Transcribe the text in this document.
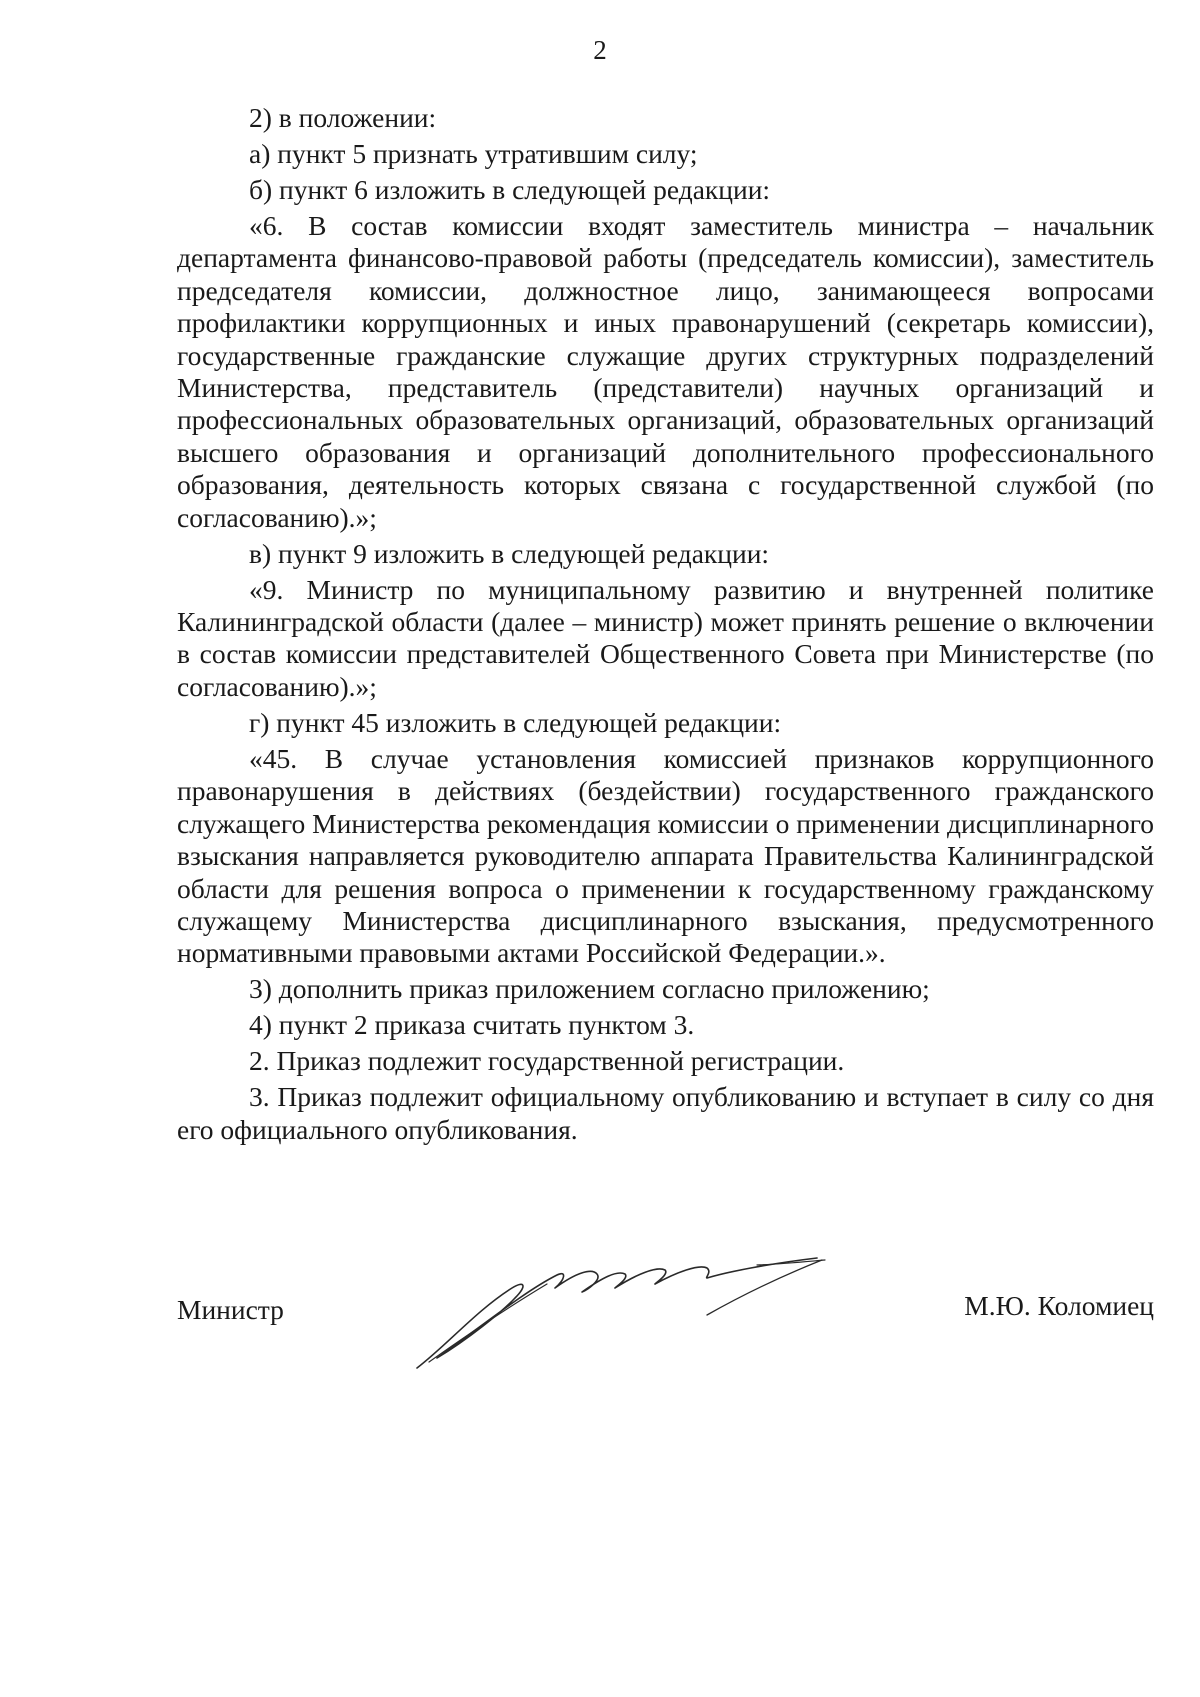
2

2) в положении:

а) пункт 5 признать утратившим силу;

б) пункт 6 изложить в следующей редакции:

«6. В состав комиссии входят заместитель министра – начальник департамента финансово-правовой работы (председатель комиссии), заместитель председателя комиссии, должностное лицо, занимающееся вопросами профилактики коррупционных и иных правонарушений (секретарь комиссии), государственные гражданские служащие других структурных подразделений Министерства, представитель (представители) научных организаций и профессиональных образовательных организаций, образовательных организаций высшего образования и организаций дополнительного профессионального образования, деятельность которых связана с государственной службой (по согласованию).»;

в) пункт 9 изложить в следующей редакции:

«9. Министр по муниципальному развитию и внутренней политике Калининградской области (далее – министр) может принять решение о включении в состав комиссии представителей Общественного Совета при Министерстве (по согласованию).»;

г) пункт 45 изложить в следующей редакции:

«45. В случае установления комиссией признаков коррупционного правонарушения в действиях (бездействии) государственного гражданского служащего Министерства рекомендация комиссии о применении дисциплинарного взыскания направляется руководителю аппарата Правительства Калининградской области для решения вопроса о применении к государственному гражданскому служащему Министерства дисциплинарного взыскания, предусмотренного нормативными правовыми актами Российской Федерации.».

3) дополнить приказ приложением согласно приложению;

4) пункт 2 приказа считать пунктом 3.

2. Приказ подлежит государственной регистрации.

3. Приказ подлежит официальному опубликованию и вступает в силу со дня его официального опубликования.

Министр	М.Ю. Коломиец
